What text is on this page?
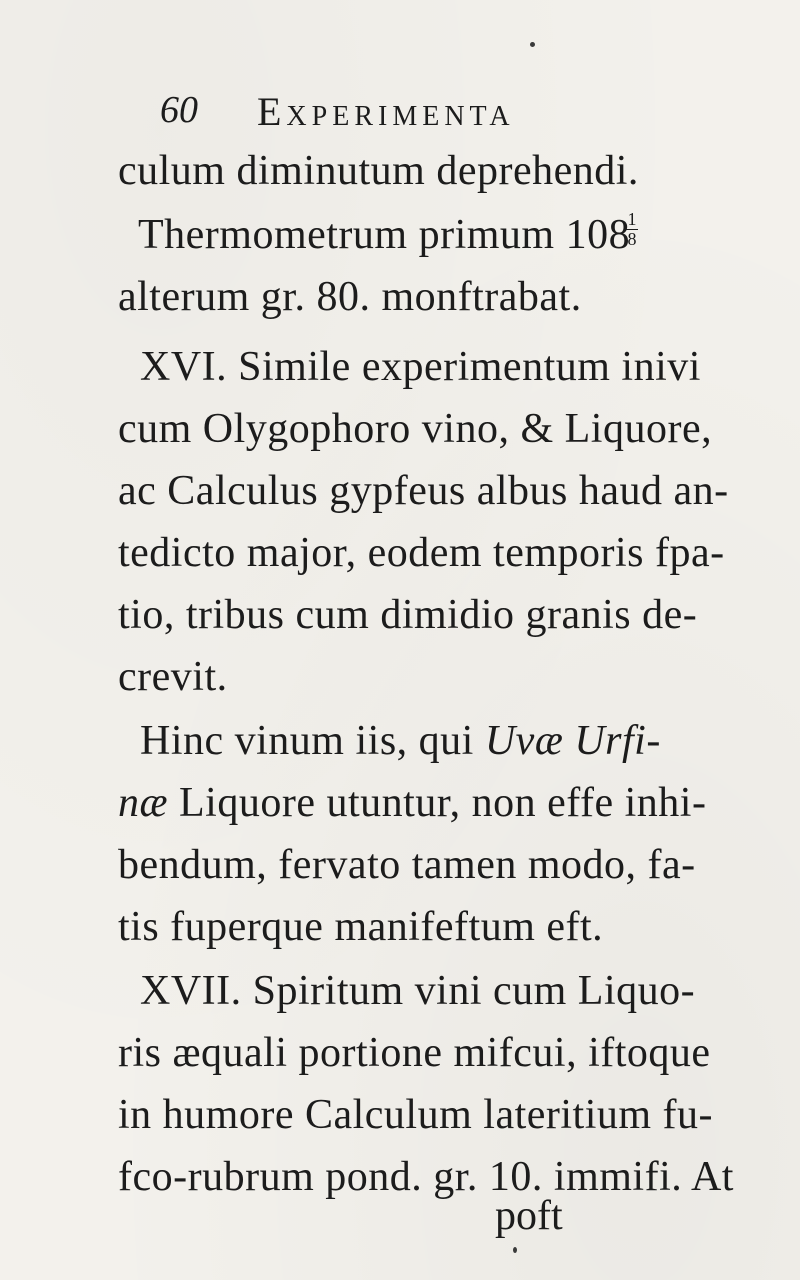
60 Experimenta
culum diminutum deprehendi.
Thermometrum primum 108
1
8
alterum gr. 80. monftrabat.
XVI. Simile experimentum inivi
cum Olygophoro vino, & Liquore,
ac Calculus gypfeus albus haud an-
tedicto major, eodem temporis fpa-
tio, tribus cum dimidio granis de-
crevit.
Hinc vinum iis, qui Uvæ Urfi-
næ Liquore utuntur, non effe inhi-
bendum, fervato tamen modo, fa-
tis fuperque manifeftum eft.
XVII. Spiritum vini cum Liquo-
ris æquali portione mifcui, iftoque
in humore Calculum lateritium fu-
fco-rubrum pond. gr. 10. immifi. At
poft
